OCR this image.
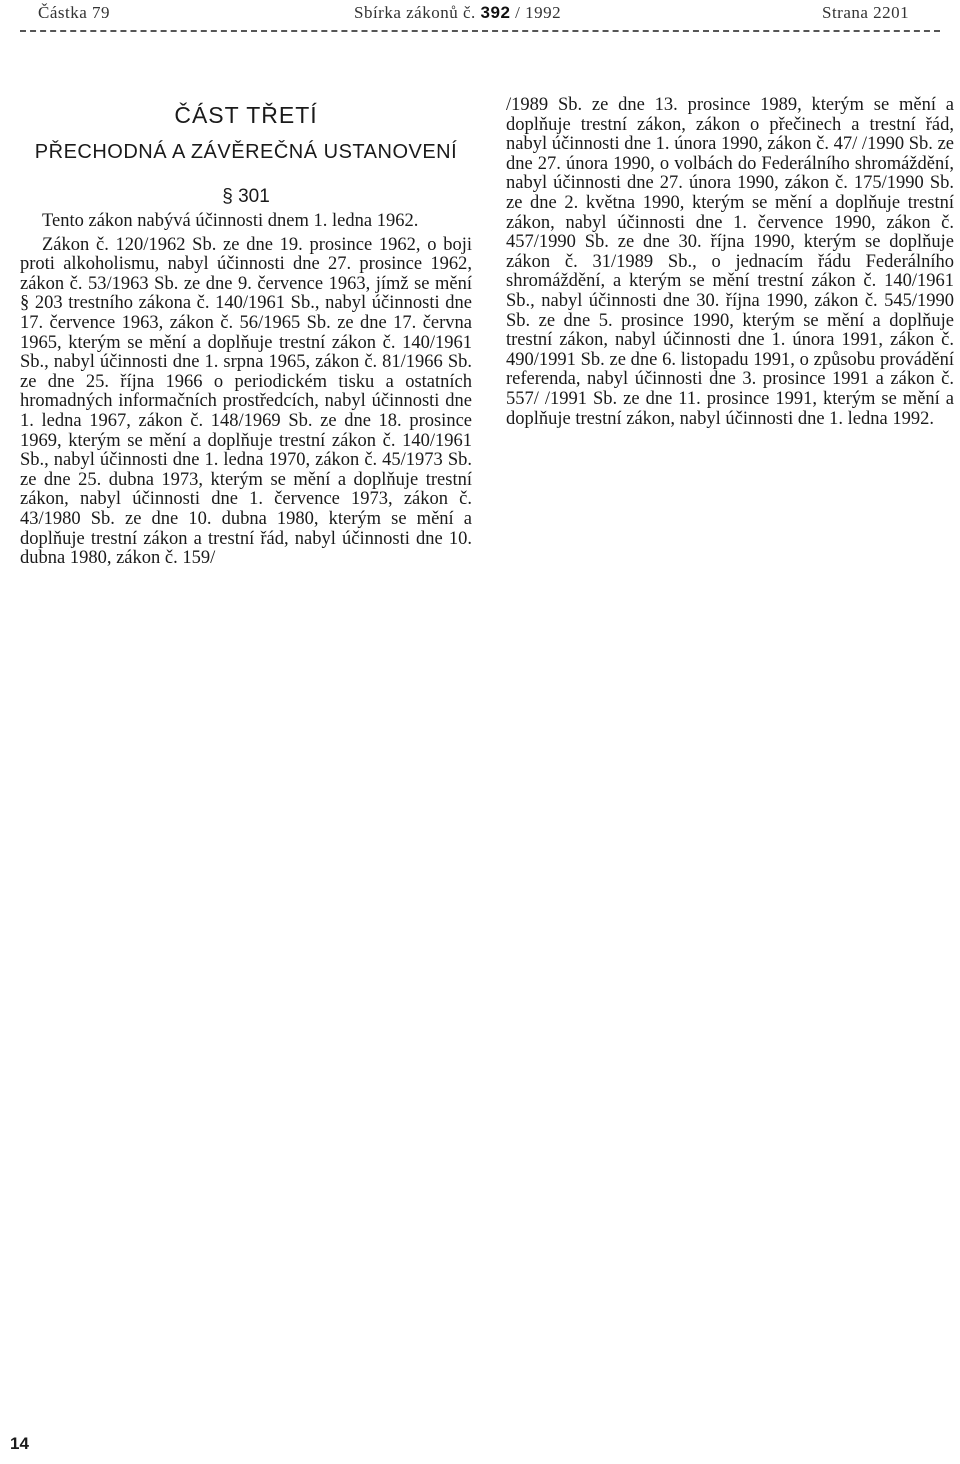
Částka 79	Sbírka zákonů č. 392 / 1992	Strana 2201
ČÁST TŘETÍ
PŘECHODNÁ A ZÁVĚREČNÁ USTANOVENÍ
§ 301

Tento zákon nabývá účinnosti dnem 1. ledna 1962.

Zákon č. 120/1962 Sb. ze dne 19. prosince 1962, o boji proti alkoholismu, nabyl účinnosti dne 27. prosince 1962, zákon č. 53/1963 Sb. ze dne 9. července 1963, jímž se mění § 203 trestního zákona č. 140/1961 Sb., nabyl účinnosti dne 17. července 1963, zákon č. 56/1965 Sb. ze dne 17. června 1965, kterým se mění a doplňuje trestní zákon č. 140/1961 Sb., nabyl účinnosti dne 1. srpna 1965, zákon č. 81/1966 Sb. ze dne 25. října 1966 o periodickém tisku a ostatních hromadných informačních prostředcích, nabyl účinnosti dne 1. ledna 1967, zákon č. 148/1969 Sb. ze dne 18. prosince 1969, kterým se mění a doplňuje trestní zákon č. 140/1961 Sb., nabyl účinnosti dne 1. ledna 1970, zákon č. 45/1973 Sb. ze dne 25. dubna 1973, kterým se mění a doplňuje trestní zákon, nabyl účinnosti dne 1. července 1973, zákon č. 43/1980 Sb. ze dne 10. dubna 1980, kterým se mění a doplňuje trestní zákon a trestní řád, nabyl účinnosti dne 10. dubna 1980, zákon č. 159/

/1989 Sb. ze dne 13. prosince 1989, kterým se mění a doplňuje trestní zákon, zákon o přečinech a trestní řád, nabyl účinnosti dne 1. února 1990, zákon č. 47/ /1990 Sb. ze dne 27. února 1990, o volbách do Federálního shromáždění, nabyl účinnosti dne 27. února 1990, zákon č. 175/1990 Sb. ze dne 2. května 1990, kterým se mění a doplňuje trestní zákon, nabyl účinnosti dne 1. července 1990, zákon č. 457/1990 Sb. ze dne 30. října 1990, kterým se doplňuje zákon č. 31/1989 Sb., o jednacím řádu Federálního shromáždění, a kterým se mění trestní zákon č. 140/1961 Sb., nabyl účinnosti dne 30. října 1990, zákon č. 545/1990 Sb. ze dne 5. prosince 1990, kterým se mění a doplňuje trestní zákon, nabyl účinnosti dne 1. února 1991, zákon č. 490/1991 Sb. ze dne 6. listopadu 1991, o způsobu provádění referenda, nabyl účinnosti dne 3. prosince 1991 a zákon č. 557/ /1991 Sb. ze dne 11. prosince 1991, kterým se mění a doplňuje trestní zákon, nabyl účinnosti dne 1. ledna 1992.

14
